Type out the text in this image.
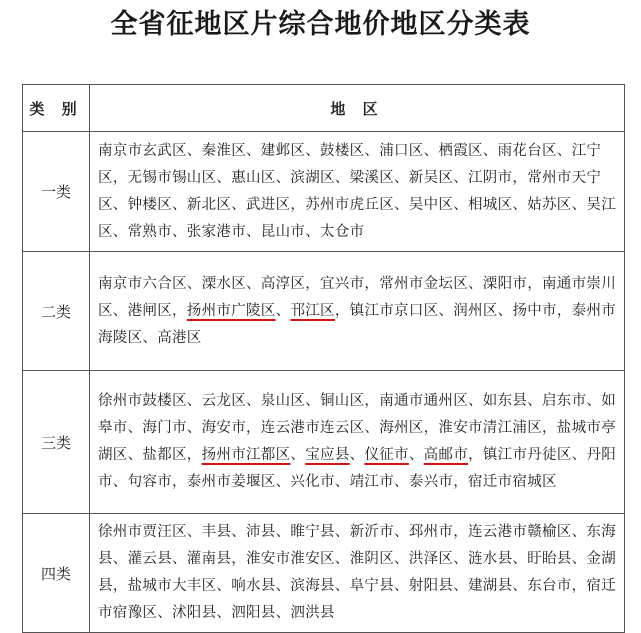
全省征地区片综合地价地区分类表
类 别	地 区
一类	南京市玄武区、秦淮区、建邺区、鼓楼区、浦口区、栖霞区、雨花台区、江宁区，无锡市锡山区、惠山区、滨湖区、梁溪区、新吴区、江阴市，常州市天宁区、钟楼区、新北区、武进区，苏州市虎丘区、吴中区、相城区、姑苏区、吴江区、常熟市、张家港市、昆山市、太仓市
二类	南京市六合区、溧水区、高淳区，宜兴市，常州市金坛区、溧阳市，南通市崇川区、港闸区，扬州市广陵区、邗江区，镇江市京口区、润州区、扬中市，泰州市海陵区、高港区
三类	徐州市鼓楼区、云龙区、泉山区、铜山区，南通市通州区、如东县、启东市、如皋市、海门市、海安市，连云港市连云区、海州区，淮安市清江浦区，盐城市亭湖区、盐都区，扬州市江都区、宝应县、仪征市、高邮市，镇江市丹徒区、丹阳市、句容市，泰州市姜堰区、兴化市、靖江市、泰兴市，宿迁市宿城区
四类	徐州市贾汪区、丰县、沛县、睢宁县、新沂市、邳州市，连云港市赣榆区、东海县、灌云县、灌南县，淮安市淮安区、淮阴区、洪泽区、涟水县、盱眙县、金湖县，盐城市大丰区、响水县、滨海县、阜宁县、射阳县、建湖县、东台市，宿迁市宿豫区、沭阳县、泗阳县、泗洪县
